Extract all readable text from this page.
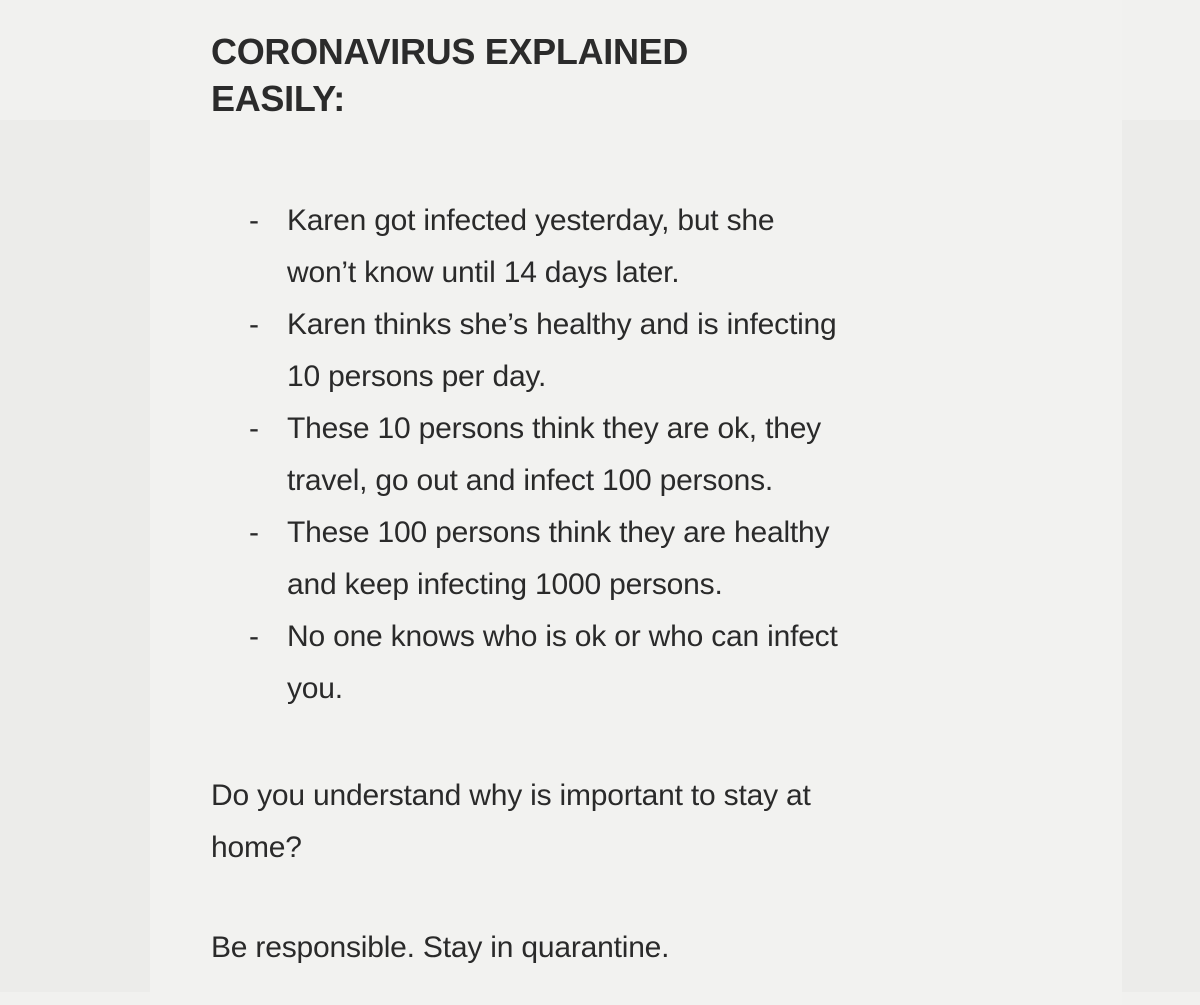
CORONAVIRUS EXPLAINED
EASILY:
- Karen got infected yesterday, but she
won’t know until 14 days later.
- Karen thinks she’s healthy and is infecting
10 persons per day.
- These 10 persons think they are ok, they
travel, go out and infect 100 persons.
- These 100 persons think they are healthy
and keep infecting 1000 persons.
- No one knows who is ok or who can infect
you.

Do you understand why is important to stay at
home?

Be responsible. Stay in quarantine.
